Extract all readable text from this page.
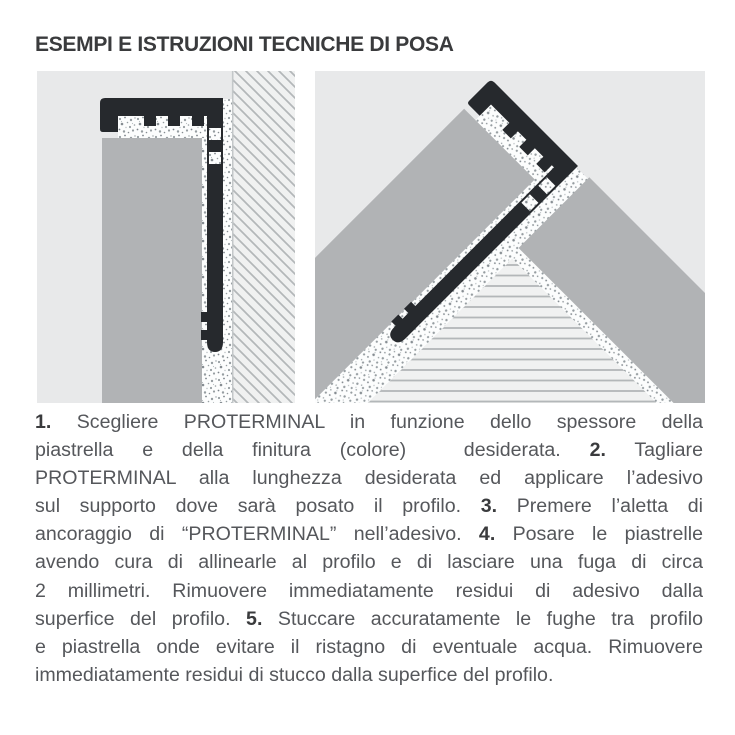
ESEMPI E ISTRUZIONI TECNICHE DI POSA
1. Scegliere PROTERMINAL in funzione dello spessore della
piastrella e della finitura (colore)  desiderata. 2. Tagliare
PROTERMINAL alla lunghezza desiderata ed applicare l’adesivo
sul supporto dove sarà posato il profilo. 3. Premere l’aletta di
ancoraggio di “PROTERMINAL” nell’adesivo. 4. Posare le piastrelle
avendo cura di allinearle al profilo e di lasciare una fuga di circa
2 millimetri. Rimuovere immediatamente residui di adesivo dalla
superfice del profilo. 5. Stuccare accuratamente le fughe tra profilo
e piastrella onde evitare il ristagno di eventuale acqua. Rimuovere
immediatamente residui di stucco dalla superfice del profilo.
